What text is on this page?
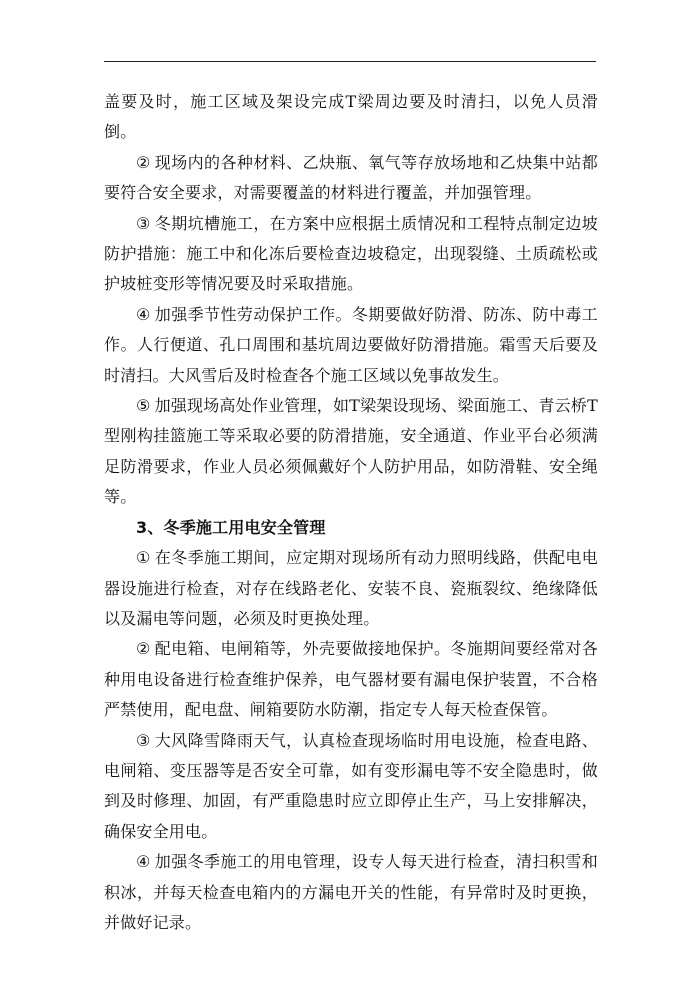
盖要及时，施工区域及架设完成T梁周边要及时清扫，以免人员滑倒。

② 现场内的各种材料、乙炔瓶、氧气等存放场地和乙炔集中站都要符合安全要求，对需要覆盖的材料进行覆盖，并加强管理。

③ 冬期坑槽施工，在方案中应根据土质情况和工程特点制定边坡防护措施：施工中和化冻后要检查边坡稳定，出现裂缝、土质疏松或护坡桩变形等情况要及时采取措施。

④ 加强季节性劳动保护工作。冬期要做好防滑、防冻、防中毒工作。人行便道、孔口周围和基坑周边要做好防滑措施。霜雪天后要及时清扫。大风雪后及时检查各个施工区域以免事故发生。

⑤ 加强现场高处作业管理，如T梁架设现场、梁面施工、青云桥T型刚构挂篮施工等采取必要的防滑措施，安全通道、作业平台必须满足防滑要求，作业人员必须佩戴好个人防护用品，如防滑鞋、安全绳等。

3、冬季施工用电安全管理

① 在冬季施工期间，应定期对现场所有动力照明线路，供配电电器设施进行检查，对存在线路老化、安装不良、瓷瓶裂纹、绝缘降低以及漏电等问题，必须及时更换处理。

② 配电箱、电闸箱等，外壳要做接地保护。冬施期间要经常对各种用电设备进行检查维护保养，电气器材要有漏电保护装置，不合格严禁使用，配电盘、闸箱要防水防潮，指定专人每天检查保管。

③ 大风降雪降雨天气，认真检查现场临时用电设施，检查电路、电闸箱、变压器等是否安全可靠，如有变形漏电等不安全隐患时，做到及时修理、加固，有严重隐患时应立即停止生产，马上安排解决，确保安全用电。

④ 加强冬季施工的用电管理，设专人每天进行检查，清扫积雪和积冰，并每天检查电箱内的方漏电开关的性能，有异常时及时更换，并做好记录。
